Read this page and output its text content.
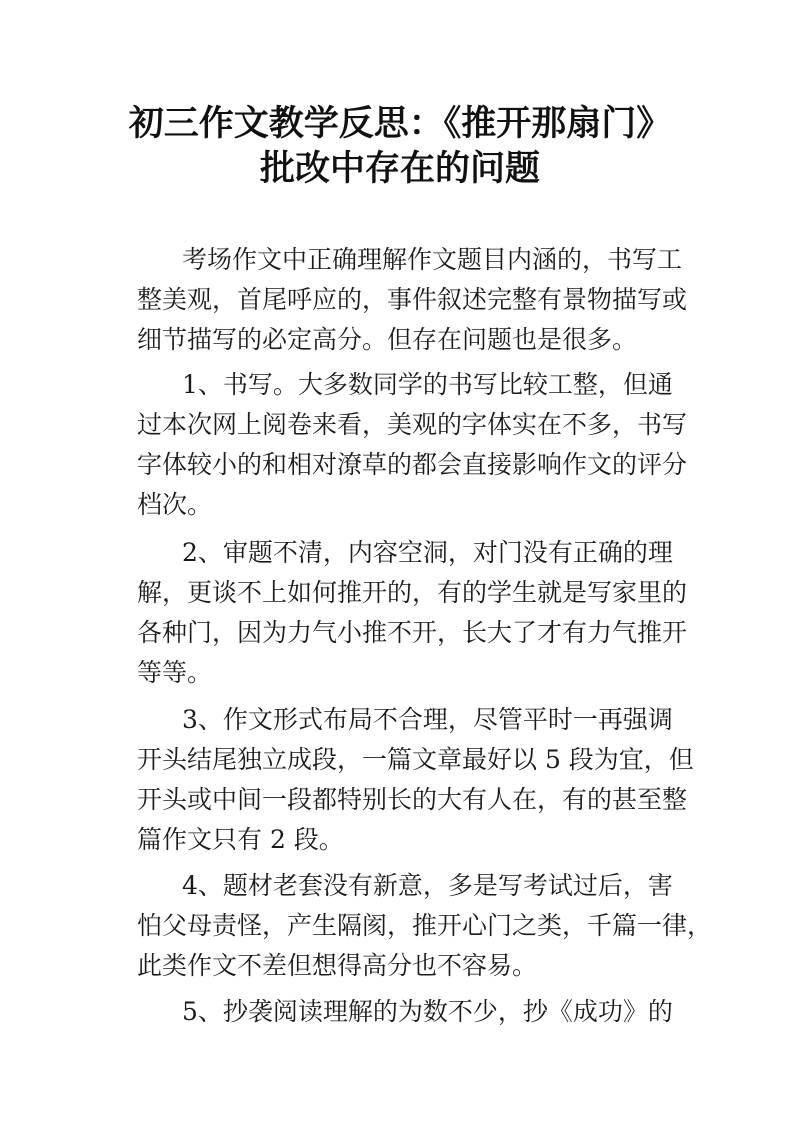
初三作文教学反思：《推开那扇门》
批改中存在的问题
考场作文中正确理解作文题目内涵的，书写工
整美观，首尾呼应的，事件叙述完整有景物描写或
细节描写的必定高分。但存在问题也是很多。
1、书写。大多数同学的书写比较工整，但通
过本次网上阅卷来看，美观的字体实在不多，书写
字体较小的和相对潦草的都会直接影响作文的评分
档次。
2、审题不清，内容空洞，对门没有正确的理
解，更谈不上如何推开的，有的学生就是写家里的
各种门，因为力气小推不开，长大了才有力气推开
等等。
3、作文形式布局不合理，尽管平时一再强调
开头结尾独立成段，一篇文章最好以 5 段为宜，但
开头或中间一段都特别长的大有人在，有的甚至整
篇作文只有 2 段。
4、题材老套没有新意，多是写考试过后，害
怕父母责怪，产生隔阂，推开心门之类，千篇一律，
此类作文不差但想得高分也不容易。
5、抄袭阅读理解的为数不少，抄《成功》的
